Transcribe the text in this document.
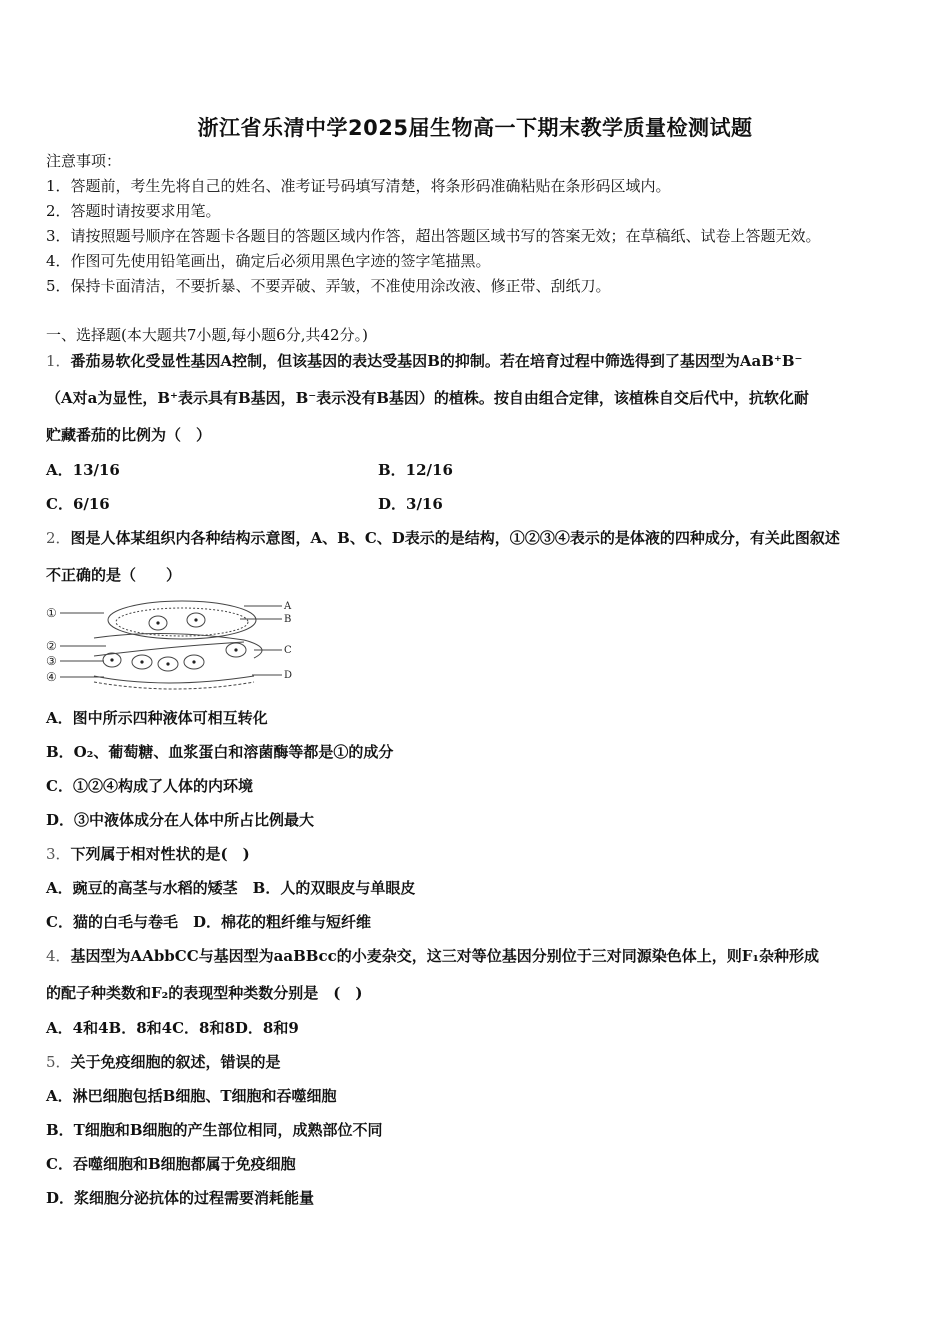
浙江省乐清中学2025届生物高一下期末教学质量检测试题
注意事项：
1．答题前，考生先将自己的姓名、准考证号码填写清楚，将条形码准确粘贴在条形码区域内。
2．答题时请按要求用笔。
3．请按照题号顺序在答题卡各题目的答题区域内作答，超出答题区域书写的答案无效；在草稿纸、试卷上答题无效。
4．作图可先使用铅笔画出，确定后必须用黑色字迹的签字笔描黑。
5．保持卡面清洁，不要折暴、不要弄破、弄皱，不准使用涂改液、修正带、刮纸刀。
一、选择题(本大题共7小题,每小题6分,共42分。)
1．番茄易软化受显性基因A控制，但该基因的表达受基因B的抑制。若在培育过程中筛选得到了基因型为AaB⁺B⁻
（A对a为显性，B⁺表示具有B基因，B⁻表示没有B基因）的植株。按自由组合定律，该植株自交后代中，抗软化耐
贮藏番茄的比例为（　）
A．13/16	B．12/16
C．6/16	D．3/16
2．图是人体某组织内各种结构示意图，A、B、C、D表示的是结构，①②③④表示的是体液的四种成分，有关此图叙述
不正确的是（　　）
①
②
③
④
A
B
C
D
A．图中所示四种液体可相互转化
B．O₂、葡萄糖、血浆蛋白和溶菌酶等都是①的成分
C．①②④构成了人体的内环境
D．③中液体成分在人体中所占比例最大
3．下列属于相对性状的是(　)
A．豌豆的高茎与水稻的矮茎　B．人的双眼皮与单眼皮
C．猫的白毛与卷毛　D．棉花的粗纤维与短纤维
4．基因型为AAbbCC与基因型为aaBBcc的小麦杂交，这三对等位基因分别位于三对同源染色体上，则F₁杂种形成
的配子种类数和F₂的表现型种类数分别是　(　)
A．4和4B．8和4C．8和8D．8和9
5．关于免疫细胞的叙述，错误的是
A．淋巴细胞包括B细胞、T细胞和吞噬细胞
B．T细胞和B细胞的产生部位相同，成熟部位不同
C．吞噬细胞和B细胞都属于免疫细胞
D．浆细胞分泌抗体的过程需要消耗能量
